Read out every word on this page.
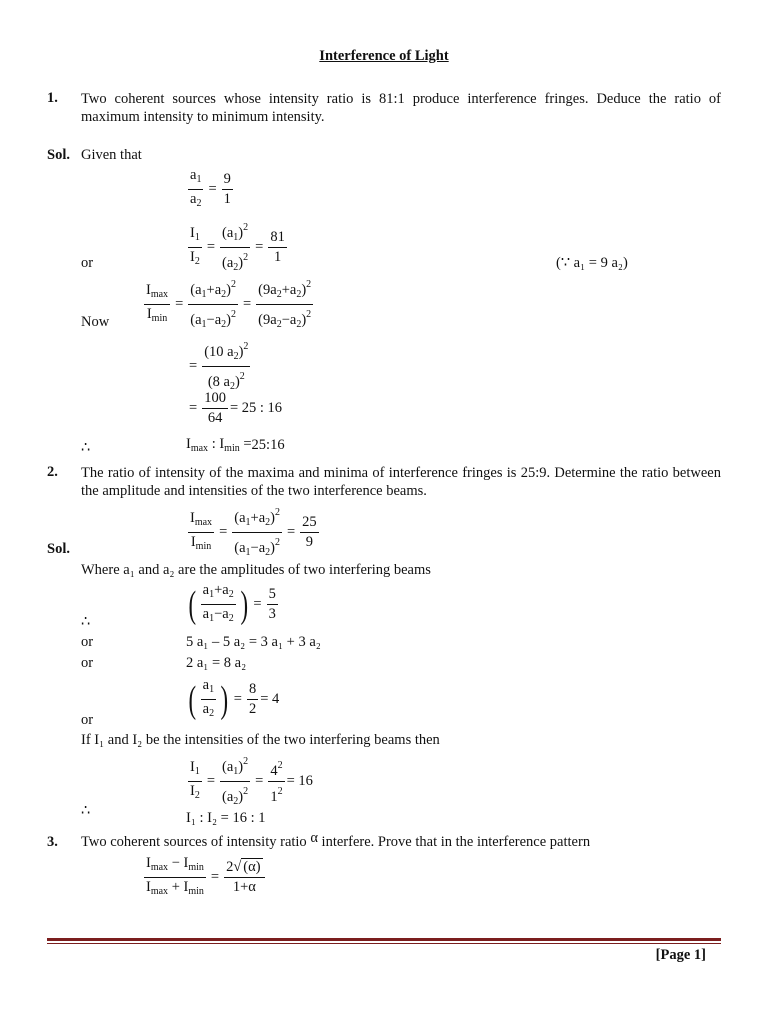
Interference of Light
1. Two coherent sources whose intensity ratio is 81:1 produce interference fringes. Deduce the ratio of maximum intensity to minimum intensity.
Sol. Given that
$\frac{a_1}{a_2} = \frac{9}{1}$
$\frac{I_1}{I_2} = \frac{(a_1)^2}{(a_2)^2} = \frac{81}{1}$
or	(∵ a₁ = 9 a₂)
$\frac{I_{max}}{I_{min}} = \frac{(a_1+a_2)^2}{(a_1-a_2)^2} = \frac{(9a_2+a_2)^2}{(9a_2-a_2)^2}$
Now
= $\frac{(10 a_2)^2}{(8 a_2)^2}$
= $\frac{100}{64} = 25$ : 16
∴	$I_{max}$ : $I_{min}$ = 25:16
2. The ratio of intensity of the maxima and minima of interference fringes is 25:9. Determine the ratio between the amplitude and intensities of the two interference beams.
$\frac{I_{max}}{I_{min}} = \frac{(a_1+a_2)^2}{(a_1-a_2)^2} = \frac{25}{9}$
Sol.
Where a₁ and a₂ are the amplitudes of two interfering beams
( $\frac{a_1+a_2}{a_1-a_2}$ ) = $\frac{5}{3}$
∴
or	5 a₁ – 5 a₂ = 3 a₁ + 3 a₂
or	2 a₁ = 8 a₂
( $\frac{a_1}{a_2}$ ) = $\frac{8}{2} = 4$
or
If I₁ and I₂ be the intensities of the two interfering beams then
$\frac{I_1}{I_2} = \frac{(a_1)^2}{(a_2)^2} = \frac{4^2}{1^2} = 16$
∴	I₁ : I₂ = 16 : 1
3. Two coherent sources of intensity ratio α interfere. Prove that in the interference pattern
$\frac{I_{max} - I_{min}}{I_{max} + I_{min}} = \frac{2√ (\alpha)}{1+\alpha}$
[Page 1]
